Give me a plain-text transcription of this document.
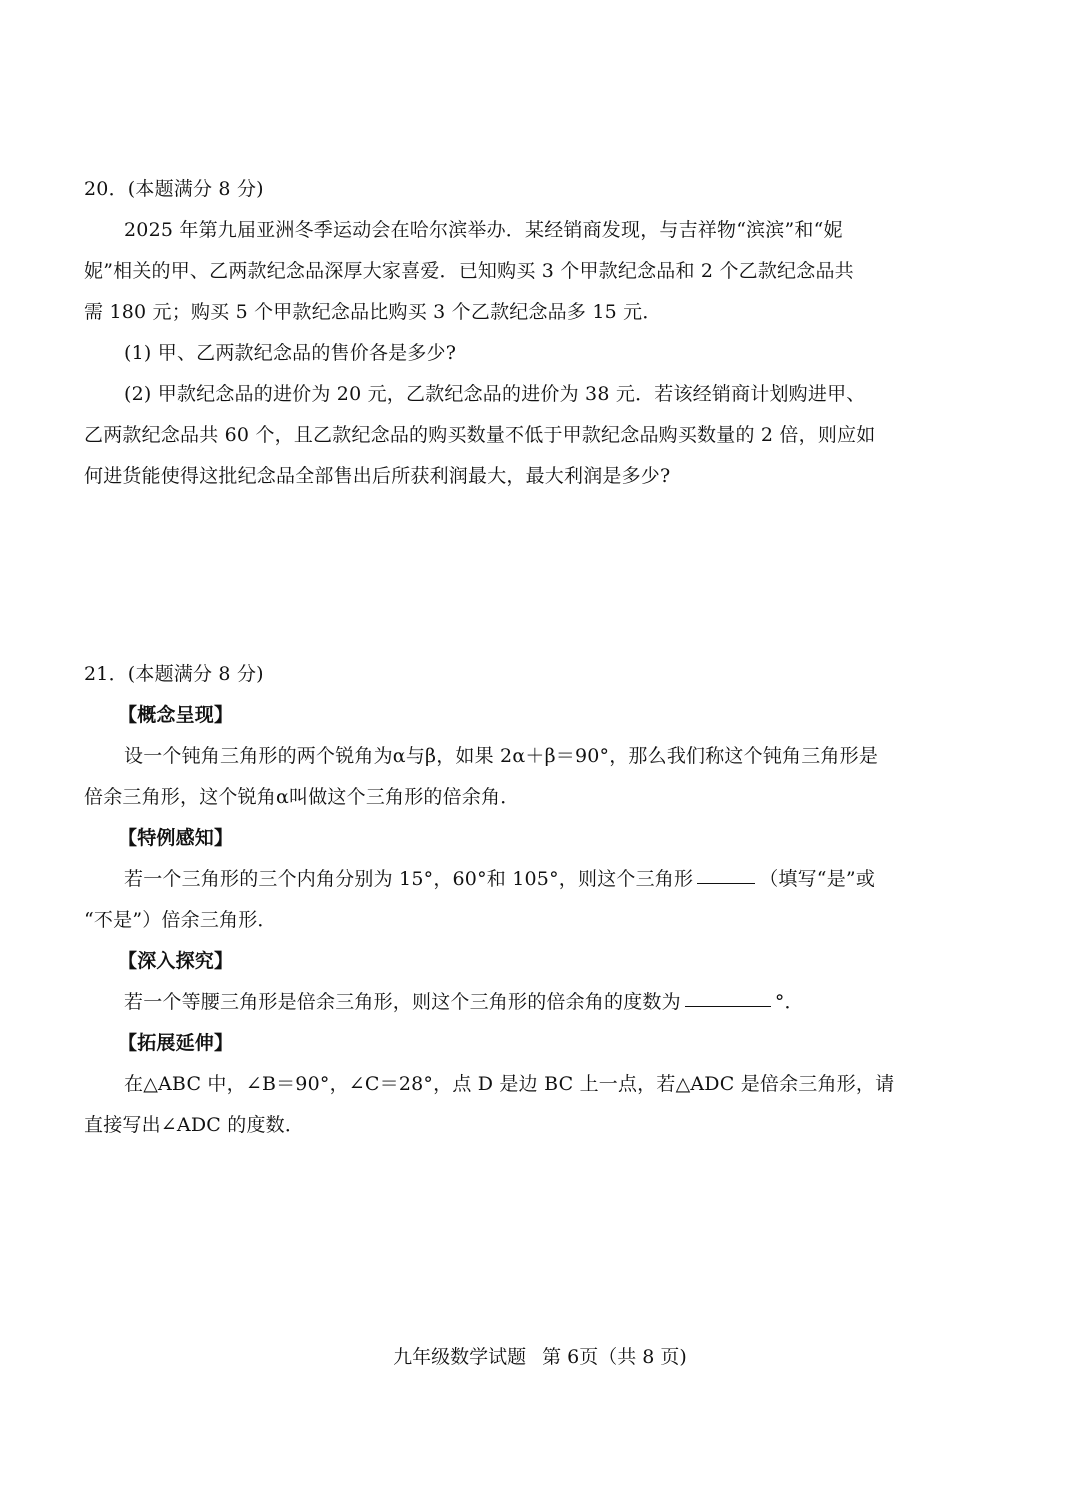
20．(本题满分 8 分)
2025 年第九届亚洲冬季运动会在哈尔滨举办．某经销商发现，与吉祥物“滨滨”和“妮
妮”相关的甲、乙两款纪念品深厚大家喜爱．已知购买 3 个甲款纪念品和 2 个乙款纪念品共
需 180 元；购买 5 个甲款纪念品比购买 3 个乙款纪念品多 15 元．
(1) 甲、乙两款纪念品的售价各是多少?
(2) 甲款纪念品的进价为 20 元，乙款纪念品的进价为 38 元．若该经销商计划购进甲、
乙两款纪念品共 60 个，且乙款纪念品的购买数量不低于甲款纪念品购买数量的 2 倍，则应如
何进货能使得这批纪念品全部售出后所获利润最大，最大利润是多少?
21．(本题满分 8 分)
【概念呈现】
设一个钝角三角形的两个锐角为α与β，如果 2α＋β＝90°，那么我们称这个钝角三角形是
倍余三角形，这个锐角α叫做这个三角形的倍余角．
【特例感知】
若一个三角形的三个内角分别为 15°，60°和 105°，则这个三角形	（填写“是”或
“不是”）倍余三角形．
【深入探究】
若一个等腰三角形是倍余三角形，则这个三角形的倍余角的度数为	°．
【拓展延伸】
在△ABC 中，∠B＝90°，∠C＝28°，点 D 是边 BC 上一点，若△ADC 是倍余三角形，请
直接写出∠ADC 的度数．
九年级数学试题 第 6页（共 8 页)
